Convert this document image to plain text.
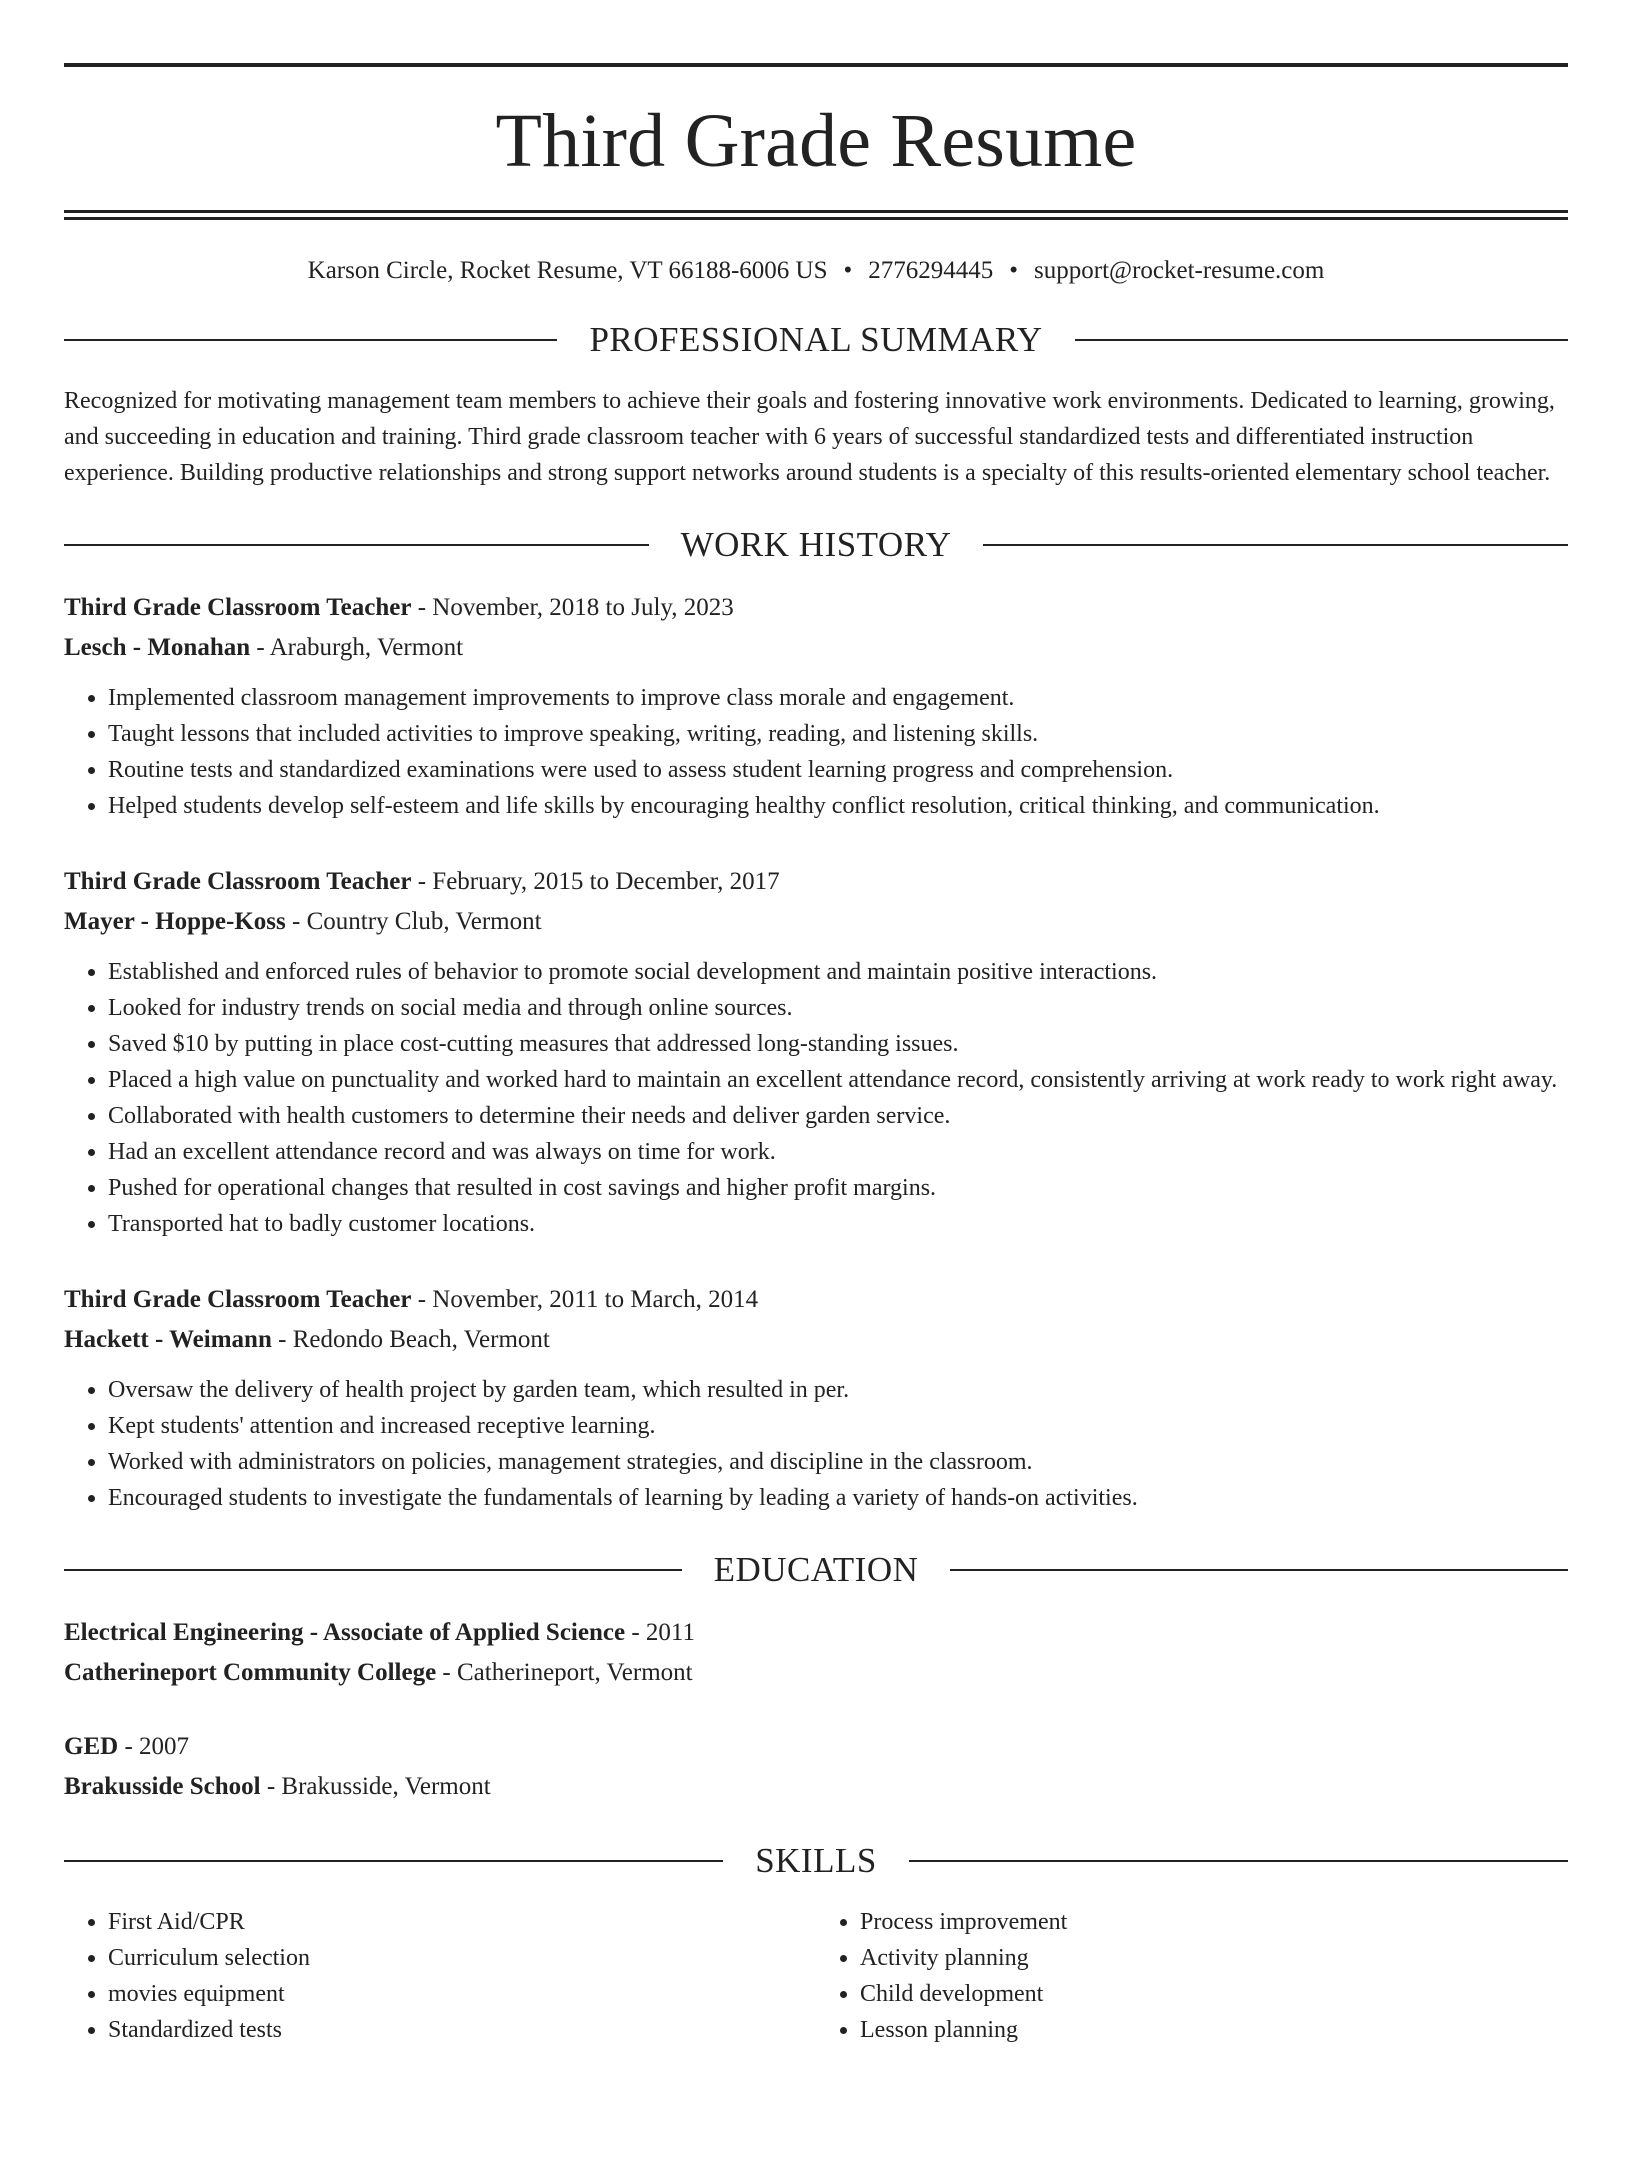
Third Grade Resume
Karson Circle, Rocket Resume, VT 66188-6006 US • 2776294445 • support@rocket-resume.com
PROFESSIONAL SUMMARY

Recognized for motivating management team members to achieve their goals and fostering innovative work environments. Dedicated to learning, growing, and succeeding in education and training. Third grade classroom teacher with 6 years of successful standardized tests and differentiated instruction experience. Building productive relationships and strong support networks around students is a specialty of this results-oriented elementary school teacher.

WORK HISTORY
Third Grade Classroom Teacher - November, 2018 to July, 2023
Lesch - Monahan - Araburgh, Vermont
• Implemented classroom management improvements to improve class morale and engagement.
• Taught lessons that included activities to improve speaking, writing, reading, and listening skills.
• Routine tests and standardized examinations were used to assess student learning progress and comprehension.
• Helped students develop self-esteem and life skills by encouraging healthy conflict resolution, critical thinking, and communication.
Third Grade Classroom Teacher - February, 2015 to December, 2017
Mayer - Hoppe-Koss - Country Club, Vermont
• Established and enforced rules of behavior to promote social development and maintain positive interactions.
• Looked for industry trends on social media and through online sources.
• Saved $10 by putting in place cost-cutting measures that addressed long-standing issues.
• Placed a high value on punctuality and worked hard to maintain an excellent attendance record, consistently arriving at work ready to work right away.
• Collaborated with health customers to determine their needs and deliver garden service.
• Had an excellent attendance record and was always on time for work.
• Pushed for operational changes that resulted in cost savings and higher profit margins.
• Transported hat to badly customer locations.
Third Grade Classroom Teacher - November, 2011 to March, 2014
Hackett - Weimann - Redondo Beach, Vermont
• Oversaw the delivery of health project by garden team, which resulted in per.
• Kept students' attention and increased receptive learning.
• Worked with administrators on policies, management strategies, and discipline in the classroom.
• Encouraged students to investigate the fundamentals of learning by leading a variety of hands-on activities.
EDUCATION
Electrical Engineering - Associate of Applied Science - 2011
Catherineport Community College - Catherineport, Vermont
GED - 2007
Brakusside School - Brakusside, Vermont
SKILLS
• First Aid/CPR
• Curriculum selection
• movies equipment
• Standardized tests
• Process improvement
• Activity planning
• Child development
• Lesson planning
